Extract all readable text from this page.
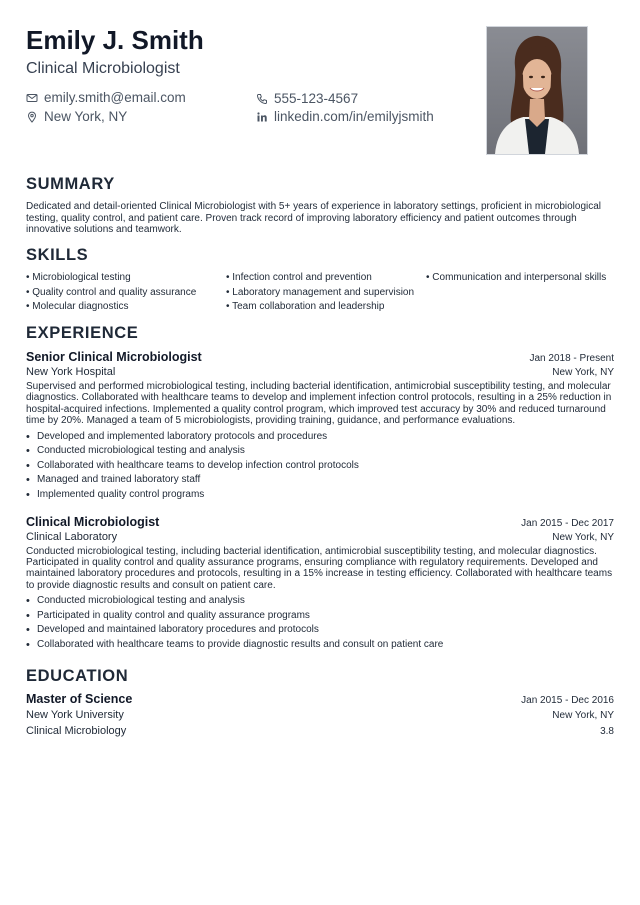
Emily J. Smith
Clinical Microbiologist
emily.smith@email.com
New York, NY
555-123-4567
linkedin.com/in/emilyjsmith
SUMMARY
Dedicated and detail-oriented Clinical Microbiologist with 5+ years of experience in laboratory settings, proficient in microbiological testing, quality control, and patient care. Proven track record of improving laboratory efficiency and patient outcomes through innovative solutions and teamwork.
SKILLS
• Microbiological testing	• Infection control and prevention	• Communication and interpersonal skills
• Quality control and quality assurance	• Laboratory management and supervision
• Molecular diagnostics	• Team collaboration and leadership
EXPERIENCE
Senior Clinical Microbiologist	Jan 2018 - Present
New York Hospital	New York, NY
Supervised and performed microbiological testing, including bacterial identification, antimicrobial susceptibility testing, and molecular diagnostics. Collaborated with healthcare teams to develop and implement infection control protocols, resulting in a 25% reduction in hospital-acquired infections. Implemented a quality control program, which improved test accuracy by 30% and reduced turnaround time by 20%. Managed a team of 5 microbiologists, providing training, guidance, and performance evaluations.
• Developed and implemented laboratory protocols and procedures
• Conducted microbiological testing and analysis
• Collaborated with healthcare teams to develop infection control protocols
• Managed and trained laboratory staff
• Implemented quality control programs
Clinical Microbiologist	Jan 2015 - Dec 2017
Clinical Laboratory	New York, NY
Conducted microbiological testing, including bacterial identification, antimicrobial susceptibility testing, and molecular diagnostics. Participated in quality control and quality assurance programs, ensuring compliance with regulatory requirements. Developed and maintained laboratory procedures and protocols, resulting in a 15% increase in testing efficiency. Collaborated with healthcare teams to provide diagnostic results and consult on patient care.
• Conducted microbiological testing and analysis
• Participated in quality control and quality assurance programs
• Developed and maintained laboratory procedures and protocols
• Collaborated with healthcare teams to provide diagnostic results and consult on patient care
EDUCATION
Master of Science	Jan 2015 - Dec 2016
New York University	New York, NY
Clinical Microbiology	3.8
